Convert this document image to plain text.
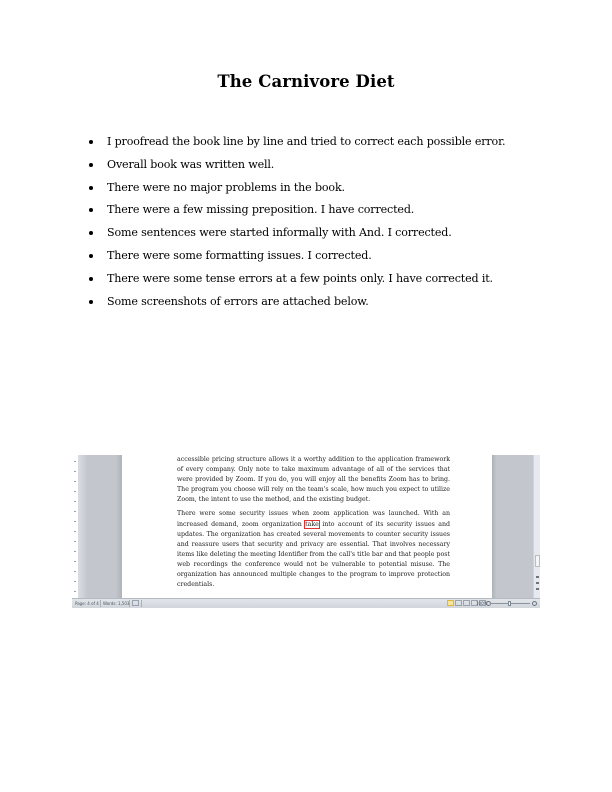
The Carnivore Diet
I proofread the book line by line and tried to correct each possible error.
Overall book was written well.
There were no major problems in the book.
There were a few missing preposition. I have corrected.
Some sentences were started informally with And. I corrected.
There were some formatting issues. I corrected.
There were some tense errors at a few points only. I have corrected it.
Some screenshots of errors are attached below.

accessible pricing structure allows it a worthy addition to the application framework of every company. Only note to take maximum advantage of all of the services that were provided by Zoom. If you do, you will enjoy all the benefits Zoom has to bring. The program you choose will rely on the team's scale, how much you expect to utilize Zoom, the intent to use the method, and the existing budget.

There were some security issues when zoom application was launched. With an increased demand, zoom organization take into account of its security issues and updates. The organization has created several movements to counter security issues and reassure users that security and privacy are essential. That involves necessary items like deleting the meeting Identifier from the call's title bar and that people post web recordings the conference would not be vulnerable to potential misuse. The organization has announced multiple changes to the program to improve protection credentials.

Page: 4 of 4 Words: 1,503	100%
